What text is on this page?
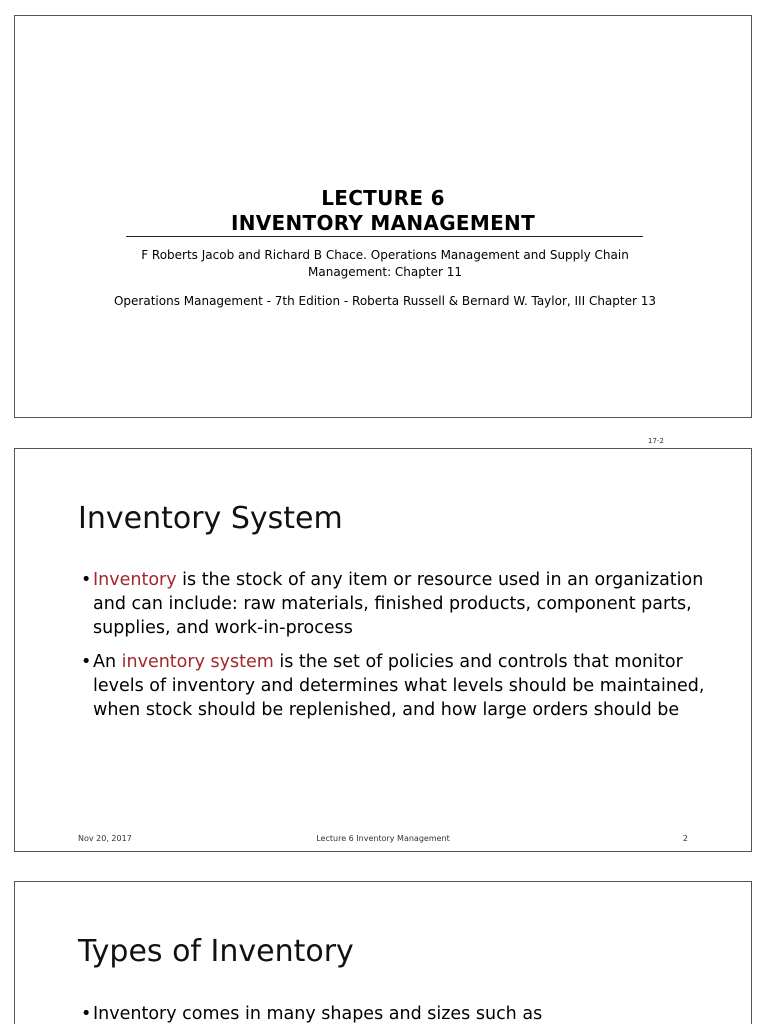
LECTURE 6
INVENTORY MANAGEMENT
F Roberts Jacob and Richard B Chace. Operations Management and Supply Chain Management: Chapter 11
Operations Management - 7th Edition - Roberta Russell & Bernard W. Taylor, III Chapter 13
17-2
Inventory System
• Inventory is the stock of any item or resource used in an organization and can include: raw materials, finished products, component parts, supplies, and work-in-process
• An inventory system is the set of policies and controls that monitor levels of inventory and determines what levels should be maintained, when stock should be replenished, and how large orders should be
Nov 20, 2017	Lecture 6 Inventory Management	2
Types of Inventory
• Inventory comes in many shapes and sizes such as
